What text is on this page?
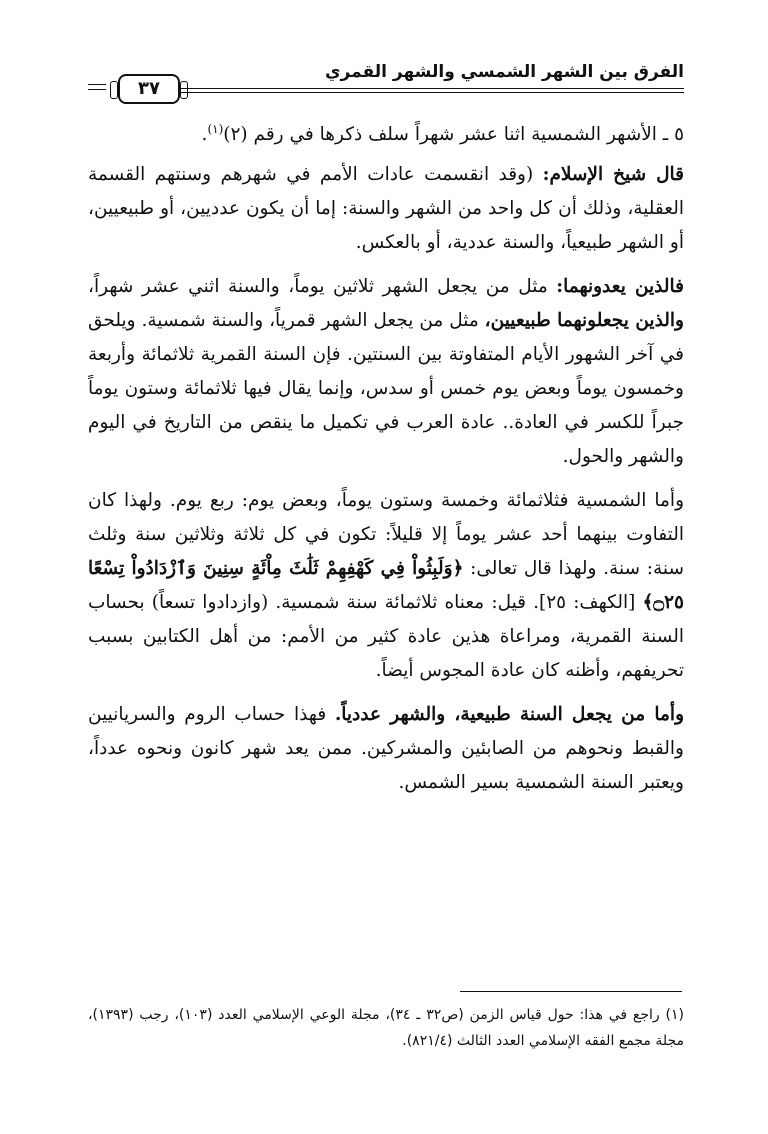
الفرق بين الشهر الشمسي والشهر القمري
٣٧

٥ ـ الأشهر الشمسية اثنا عشر شهراً سلف ذكرها في رقم (٢)$^{(١)}$.

قال شيخ الإسلام: (وقد انقسمت عادات الأمم في شهرهم وسنتهم القسمة العقلية، وذلك أن كل واحد من الشهر والسنة: إما أن يكون عدديين، أو طبيعيين، أو الشهر طبيعياً، والسنة عددية، أو بالعكس.

فالذين يعدونهما: مثل من يجعل الشهر ثلاثين يوماً، والسنة اثني عشر شهراً، والذين يجعلونهما طبيعيين، مثل من يجعل الشهر قمرياً، والسنة شمسية. ويلحق في آخر الشهور الأيام المتفاوتة بين السنتين. فإن السنة القمرية ثلاثمائة وأربعة وخمسون يوماً وبعض يوم خمس أو سدس، وإنما يقال فيها ثلاثمائة وستون يوماً جبراً للكسر في العادة.. عادة العرب في تكميل ما ينقص من التاريخ في اليوم والشهر والحول.

وأما الشمسية فثلاثمائة وخمسة وستون يوماً، وبعض يوم: ربع يوم. ولهذا كان التفاوت بينهما أحد عشر يوماً إلا قليلاً: تكون في كل ثلاثة وثلاثين سنة وثلث سنة: سنة. ولهذا قال تعالى: ﴿وَلَبِثُواْ فِي كَهْفِهِمْ ثَلَٰثَ مِاْئَةٍ سِنِينَ وَٱزْدَادُواْ تِسْعًا ۝٢٥﴾ [الكهف: ٢٥]. قيل: معناه ثلاثمائة سنة شمسية. (وازدادوا تسعاً) بحساب السنة القمرية، ومراعاة هذين عادة كثير من الأمم: من أهل الكتابين بسبب تحريفهم، وأظنه كان عادة المجوس أيضاً.

وأما من يجعل السنة طبيعية، والشهر عددياً. فهذا حساب الروم والسريانيين والقبط ونحوهم من الصابئين والمشركين. ممن يعد شهر كانون ونحوه عدداً، ويعتبر السنة الشمسية بسير الشمس.

(١) راجع في هذا: حول قياس الزمن (ص٣٢ ـ ٣٤)، مجلة الوعي الإسلامي العدد (١٠٣)، رجب (١٣٩٣)، مجلة مجمع الفقه الإسلامي العدد الثالث (٨٢١/٤).
